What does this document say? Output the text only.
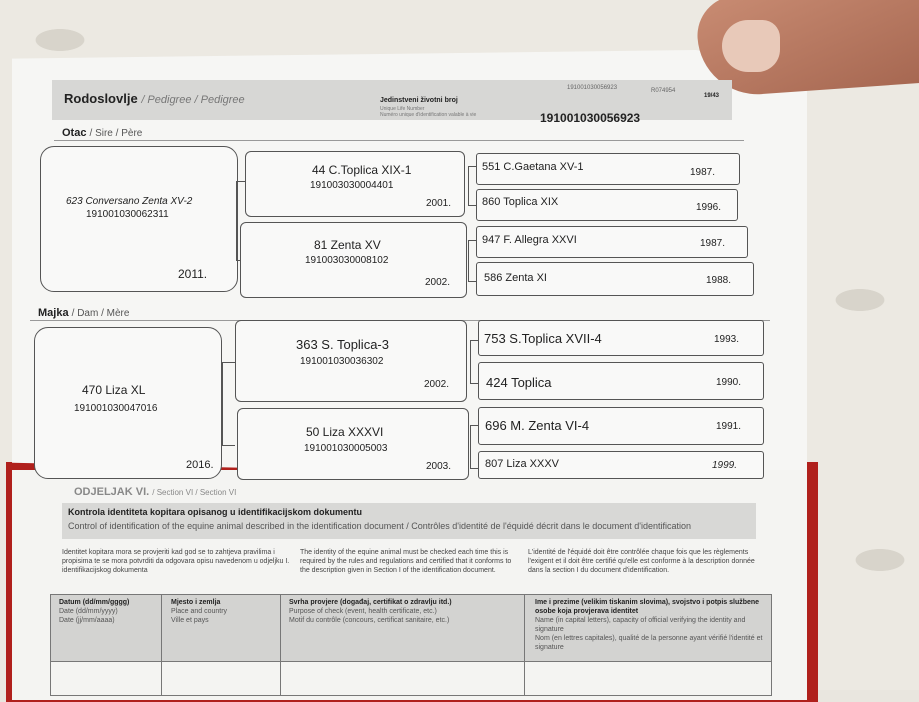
191001030056923	R074954
19/43
Rodoslovlje / Pedigree / Pedigree	Jedinstveni životni broj
Unique Life Number
Numéro unique d'identification valable à vie	191001030056923
Otac / Sire / Père
623 Conversano Zenta XV-2
191001030062311
2011.
44 C.Toplica XIX-1
191003030004401
2001.
81 Zenta XV
191003030008102
2002.
551 C.Gaetana XV-1	1987.
860 Toplica XIX	1996.
947 F. Allegra XXVI	1987.
586 Zenta XI	1988.
Majka / Dam / Mère
470 Liza XL
191001030047016
2016.
363 S. Toplica-3
191001030036302
2002.
50 Liza XXXVI
191001030005003
2003.
753 S.Toplica XVII-4	1993.
424 Toplica	1990.
696 M. Zenta VI-4	1991.
807 Liza XXXV	1999.
ODJELJAK VI. / Section VI / Section VI
Kontrola identiteta kopitara opisanog u identifikacijskom dokumentu
Control of identification of the equine animal described in the identification document / Contrôles d'identité de l'équidé décrit dans le document d'identification
Identitet kopitara mora se provjeriti kad god se to zahtjeva pravilima i propisima te se mora potvrditi da odgovara opisu navedenom u odjeljku I. identifikacijskog dokumenta
The identity of the equine animal must be checked each time this is required by the rules and regulations and certified that it conforms to the description given in Section I of the identification document.
L'identité de l'équidé doit être contrôlée chaque fois que les règlements l'exigent et il doit être certifié qu'elle est conforme à la description donnée dans la section I du document d'identification.
Datum (dd/mm/gggg)
Date (dd/mm/yyyy)
Date (jj/mm/aaaa)
Mjesto i zemlja
Place and country
Ville et pays
Svrha provjere (događaj, certifikat o zdravlju itd.)
Purpose of check (event, health certificate, etc.)
Motif du contrôle (concours, certificat sanitaire, etc.)
Ime i prezime (velikim tiskanim slovima), svojstvo i potpis službene osobe koja provjerava identitet
Name (in capital letters), capacity of official verifying the identity and signature
Nom (en lettres capitales), qualité de la personne ayant vérifié l'identité et signature
